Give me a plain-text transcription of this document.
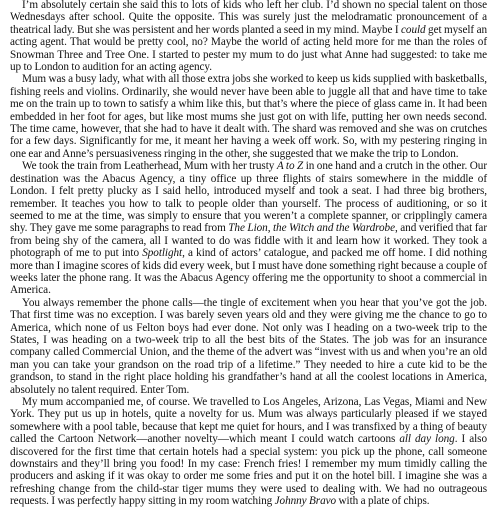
I’m absolutely certain she said this to lots of kids who left her club. I’d shown no special talent on those Wednesdays after school. Quite the opposite. This was surely just the melodramatic pronouncement of a theatrical lady. But she was persistent and her words planted a seed in my mind. Maybe I could get myself an acting agent. That would be pretty cool, no? Maybe the world of acting held more for me than the roles of Snowman Three and Tree One. I started to pester my mum to do just what Anne had suggested: to take me up to London to audition for an acting agency.

Mum was a busy lady, what with all those extra jobs she worked to keep us kids supplied with basketballs, fishing reels and violins. Ordinarily, she would never have been able to juggle all that and have time to take me on the train up to town to satisfy a whim like this, but that’s where the piece of glass came in. It had been embedded in her foot for ages, but like most mums she just got on with life, putting her own needs second. The time came, however, that she had to have it dealt with. The shard was removed and she was on crutches for a few days. Significantly for me, it meant her having a week off work. So, with my pestering ringing in one ear and Anne’s persuasiveness ringing in the other, she suggested that we make the trip to London.

We took the train from Leatherhead, Mum with her trusty A to Z in one hand and a crutch in the other. Our destination was the Abacus Agency, a tiny office up three flights of stairs somewhere in the middle of London. I felt pretty plucky as I said hello, introduced myself and took a seat. I had three big brothers, remember. It teaches you how to talk to people older than yourself. The process of auditioning, or so it seemed to me at the time, was simply to ensure that you weren’t a complete spanner, or cripplingly camera shy. They gave me some paragraphs to read from The Lion, the Witch and the Wardrobe, and verified that far from being shy of the camera, all I wanted to do was fiddle with it and learn how it worked. They took a photograph of me to put into Spotlight, a kind of actors’ catalogue, and packed me off home. I did nothing more than I imagine scores of kids did every week, but I must have done something right because a couple of weeks later the phone rang. It was the Abacus Agency offering me the opportunity to shoot a commercial in America.

You always remember the phone calls—the tingle of excitement when you hear that you’ve got the job. That first time was no exception. I was barely seven years old and they were giving me the chance to go to America, which none of us Felton boys had ever done. Not only was I heading on a two-week trip to the States, I was heading on a two-week trip to all the best bits of the States. The job was for an insurance company called Commercial Union, and the theme of the advert was “invest with us and when you’re an old man you can take your grandson on the road trip of a lifetime.” They needed to hire a cute kid to be the grandson, to stand in the right place holding his grandfather’s hand at all the coolest locations in America, absolutely no talent required. Enter Tom.

My mum accompanied me, of course. We travelled to Los Angeles, Arizona, Las Vegas, Miami and New York. They put us up in hotels, quite a novelty for us. Mum was always particularly pleased if we stayed somewhere with a pool table, because that kept me quiet for hours, and I was transfixed by a thing of beauty called the Cartoon Network—another novelty—which meant I could watch cartoons all day long. I also discovered for the first time that certain hotels had a special system: you pick up the phone, call someone downstairs and they’ll bring you food! In my case: French fries! I remember my mum timidly calling the producers and asking if it was okay to order me some fries and put it on the hotel bill. I imagine she was a refreshing change from the child-star tiger mums they were used to dealing with. We had no outrageous requests. I was perfectly happy sitting in my room watching Johnny Bravo with a plate of chips.
